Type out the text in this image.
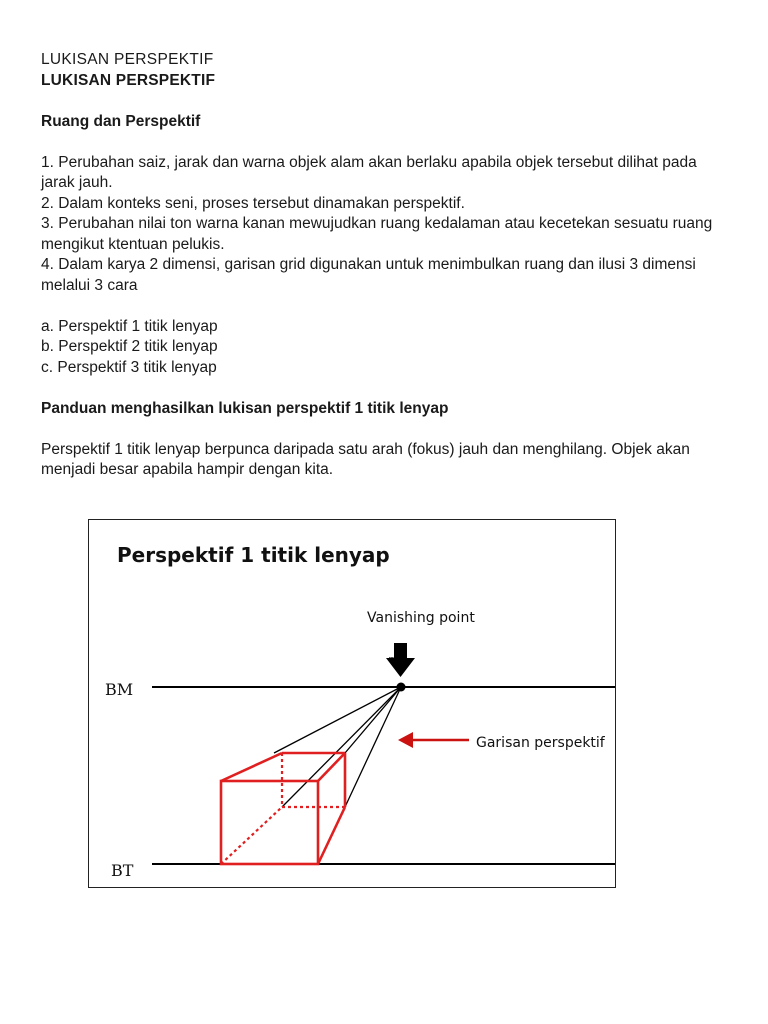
LUKISAN PERSPEKTIF

LUKISAN PERSPEKTIF

Ruang dan Perspektif

1. Perubahan saiz, jarak dan warna objek alam akan berlaku apabila objek tersebut dilihat pada jarak jauh.

2. Dalam konteks seni, proses tersebut dinamakan perspektif.

3. Perubahan nilai ton warna kanan mewujudkan ruang kedalaman atau kecetekan sesuatu ruang mengikut ktentuan pelukis.

4. Dalam karya 2 dimensi, garisan grid digunakan untuk menimbulkan ruang dan ilusi 3 dimensi melalui 3 cara

a. Perspektif 1 titik lenyap

b. Perspektif 2 titik lenyap

c. Perspektif 3 titik lenyap

Panduan menghasilkan lukisan perspektif 1 titik lenyap

Perspektif 1 titik lenyap berpunca daripada satu arah (fokus) jauh dan menghilang. Objek akan menjadi besar apabila hampir dengan kita.

Perspektif 1 titik lenyap
Vanishing point
BM
BT
Garisan perspektif
